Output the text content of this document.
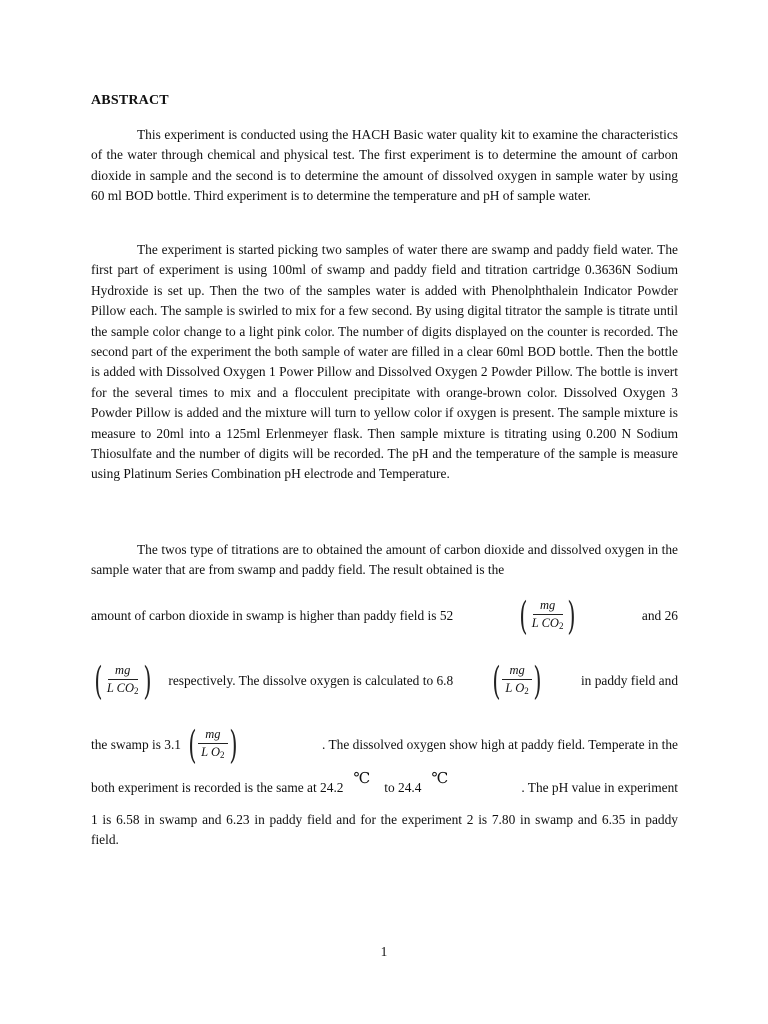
ABSTRACT

This experiment is conducted using the HACH Basic water quality kit to examine the characteristics of the water through chemical and physical test. The first experiment is to determine the amount of carbon dioxide in sample and the second is to determine the amount of dissolved oxygen in sample water by using 60 ml BOD bottle. Third experiment is to determine the temperature and pH of sample water.

The experiment is started picking two samples of water there are swamp and paddy field water. The first part of experiment is using 100ml of swamp and paddy field and titration cartridge 0.3636N Sodium Hydroxide is set up. Then the two of the samples water is added with Phenolphthalein Indicator Powder Pillow each. The sample is swirled to mix for a few second. By using digital titrator the sample is titrate until the sample color change to a light pink color. The number of digits displayed on the counter is recorded. The second part of the experiment the both sample of water are filled in a clear 60ml BOD bottle. Then the bottle is added with Dissolved Oxygen 1 Power Pillow and Dissolved Oxygen 2 Powder Pillow. The bottle is invert for the several times to mix and a flocculent precipitate with orange-brown color. Dissolved Oxygen 3 Powder Pillow is added and the mixture will turn to yellow color if oxygen is present. The sample mixture is measure to 20ml into a 125ml Erlenmeyer flask. Then sample mixture is titrating using 0.200 N Sodium Thiosulfate and the number of digits will be recorded. The pH and the temperature of the sample is measure using Platinum Series Combination pH electrode and Temperature.

The twos type of titrations are to obtained the amount of carbon dioxide and dissolved oxygen in the sample water that are from swamp and paddy field. The result obtained is the

amount of carbon dioxide in swamp is higher than paddy field is 52 ( $\frac{mg}{L CO_2}$ )	and 26
( $\frac{mg}{L CO_2}$ ) respectively. The dissolve oxygen is calculated to 6.8 ( $\frac{mg}{L O_2}$ )	in paddy field and
the swamp is 3.1 ( $\frac{mg}{L O_2}$ )	. The dissolved oxygen show high at paddy field. Temperate in the
both experiment is recorded is the same at 24.2 ℃ to 24.4 ℃	. The pH value in experiment

1 is 6.58 in swamp and 6.23 in paddy field and for the experiment 2 is 7.80 in swamp and 6.35 in paddy field.

1
